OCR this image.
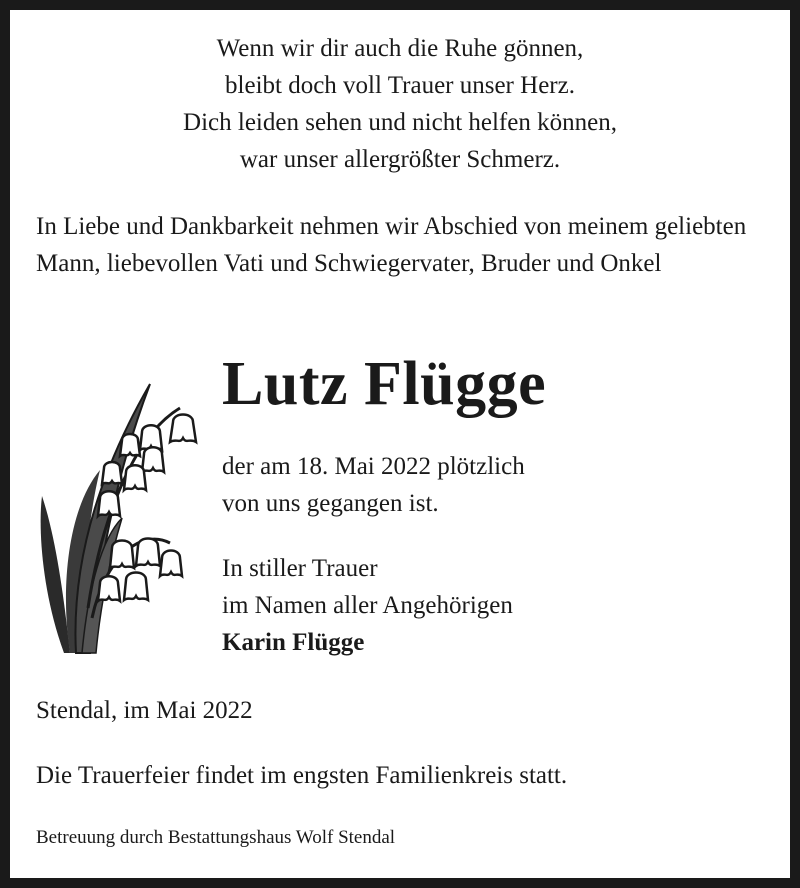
Wenn wir dir auch die Ruhe gönnen,
bleibt doch voll Trauer unser Herz.
Dich leiden sehen und nicht helfen können,
war unser allergrößter Schmerz.
In Liebe und Dankbarkeit nehmen wir Abschied von meinem geliebten Mann, liebevollen Vati und Schwiegervater, Bruder und Onkel
Lutz Flügge
der am 18. Mai 2022 plötzlich
von uns gegangen ist.
In stiller Trauer
im Namen aller Angehörigen
Karin Flügge
Stendal, im Mai 2022
Die Trauerfeier findet im engsten Familienkreis statt.
Betreuung durch Bestattungshaus Wolf Stendal
